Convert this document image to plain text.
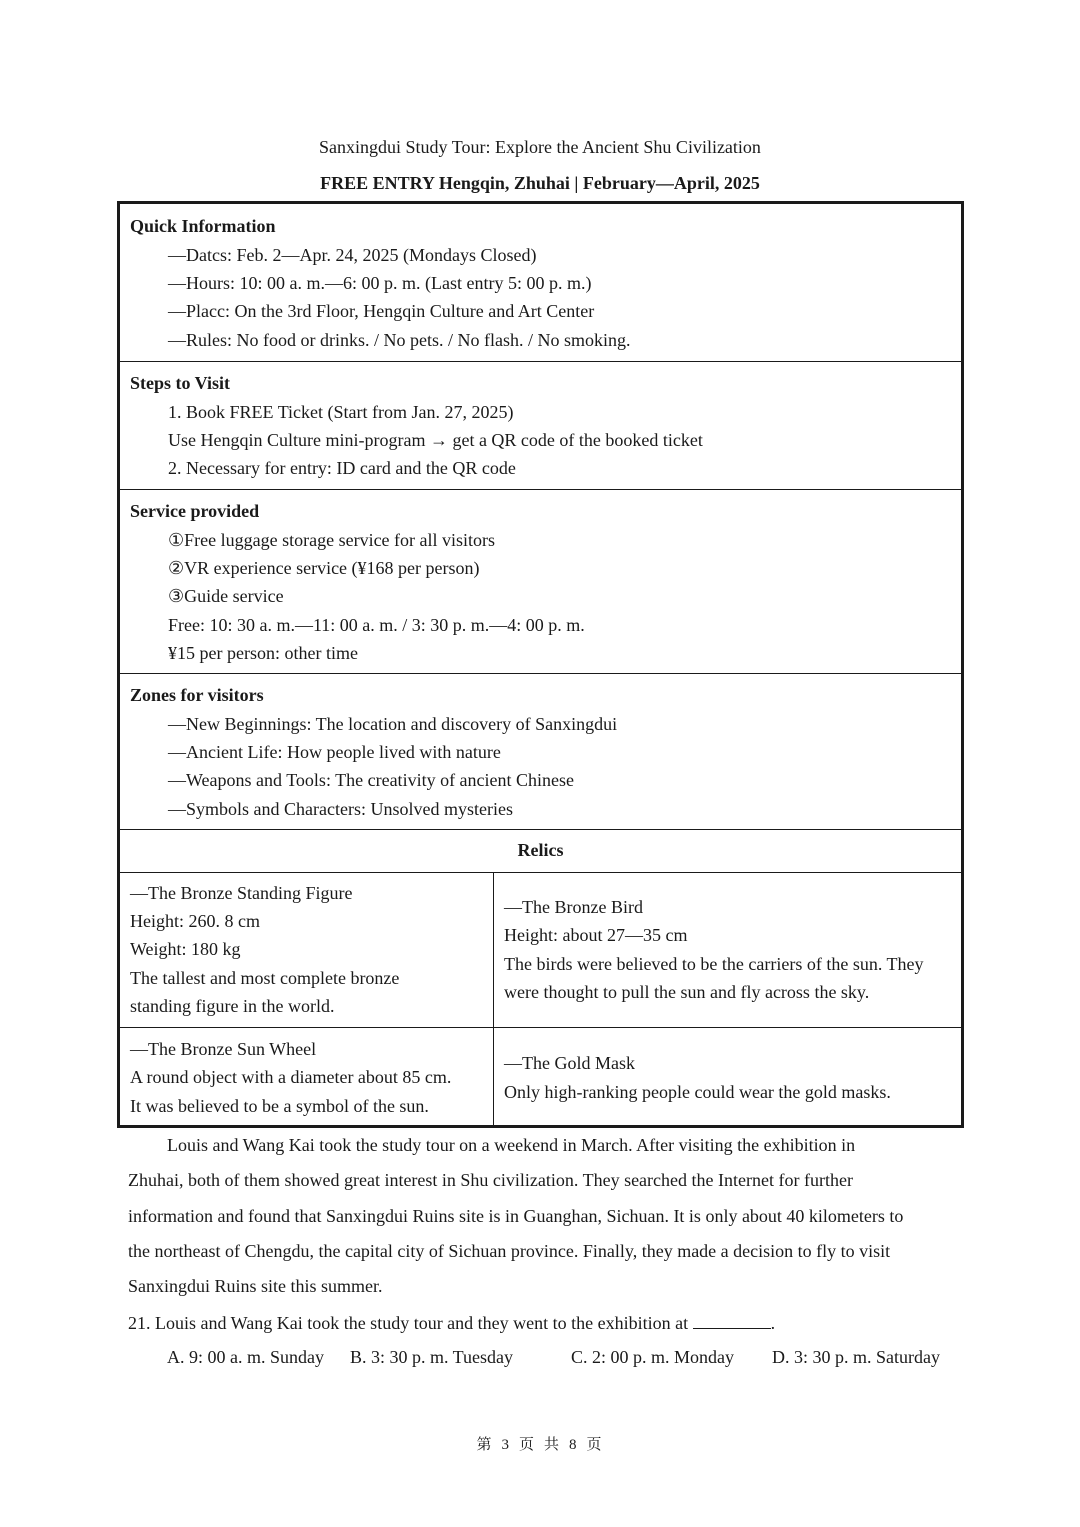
Sanxingdui Study Tour: Explore the Ancient Shu Civilization
FREE ENTRY Hengqin, Zhuhai | February—April, 2025
Quick Information
—Datcs: Feb. 2—Apr. 24, 2025 (Mondays Closed)
—Hours: 10: 00 a. m.—6: 00 p. m. (Last entry 5: 00 p. m.)
—Placc: On the 3rd Floor, Hengqin Culture and Art Center
—Rules: No food or drinks. / No pets. / No flash. / No smoking.
Steps to Visit
1. Book FREE Ticket (Start from Jan. 27, 2025)
Use Hengqin Culture mini-program → get a QR code of the booked ticket
2. Necessary for entry: ID card and the QR code
Service provided
①Free luggage storage service for all visitors
②VR experience service (¥168 per person)
③Guide service
Free: 10: 30 a. m.—11: 00 a. m. / 3: 30 p. m.—4: 00 p. m.
¥15 per person: other time
Zones for visitors
—New Beginnings: The location and discovery of Sanxingdui
—Ancient Life: How people lived with nature
—Weapons and Tools: The creativity of ancient Chinese
—Symbols and Characters: Unsolved mysteries
Relics
—The Bronze Standing Figure
Height: 260. 8 cm
Weight: 180 kg
The tallest and most complete bronze
standing figure in the world.
—The Bronze Bird
Height: about 27—35 cm
The birds were believed to be the carriers of the sun. They
were thought to pull the sun and fly across the sky.
—The Bronze Sun Wheel
A round object with a diameter about 85 cm.
It was believed to be a symbol of the sun.
—The Gold Mask
Only high-ranking people could wear the gold masks.
Louis and Wang Kai took the study tour on a weekend in March. After visiting the exhibition in
Zhuhai, both of them showed great interest in Shu civilization. They searched the Internet for further
information and found that Sanxingdui Ruins site is in Guanghan, Sichuan. It is only about 40 kilometers to
the northeast of Chengdu, the capital city of Sichuan province. Finally, they made a decision to fly to visit
Sanxingdui Ruins site this summer.
21. Louis and Wang Kai took the study tour and they went to the exhibition at	.
A. 9: 00 a. m. Sunday B. 3: 30 p. m. Tuesday	C. 2: 00 p. m. Monday D. 3: 30 p. m. Saturday
第 3 页 共 8 页
